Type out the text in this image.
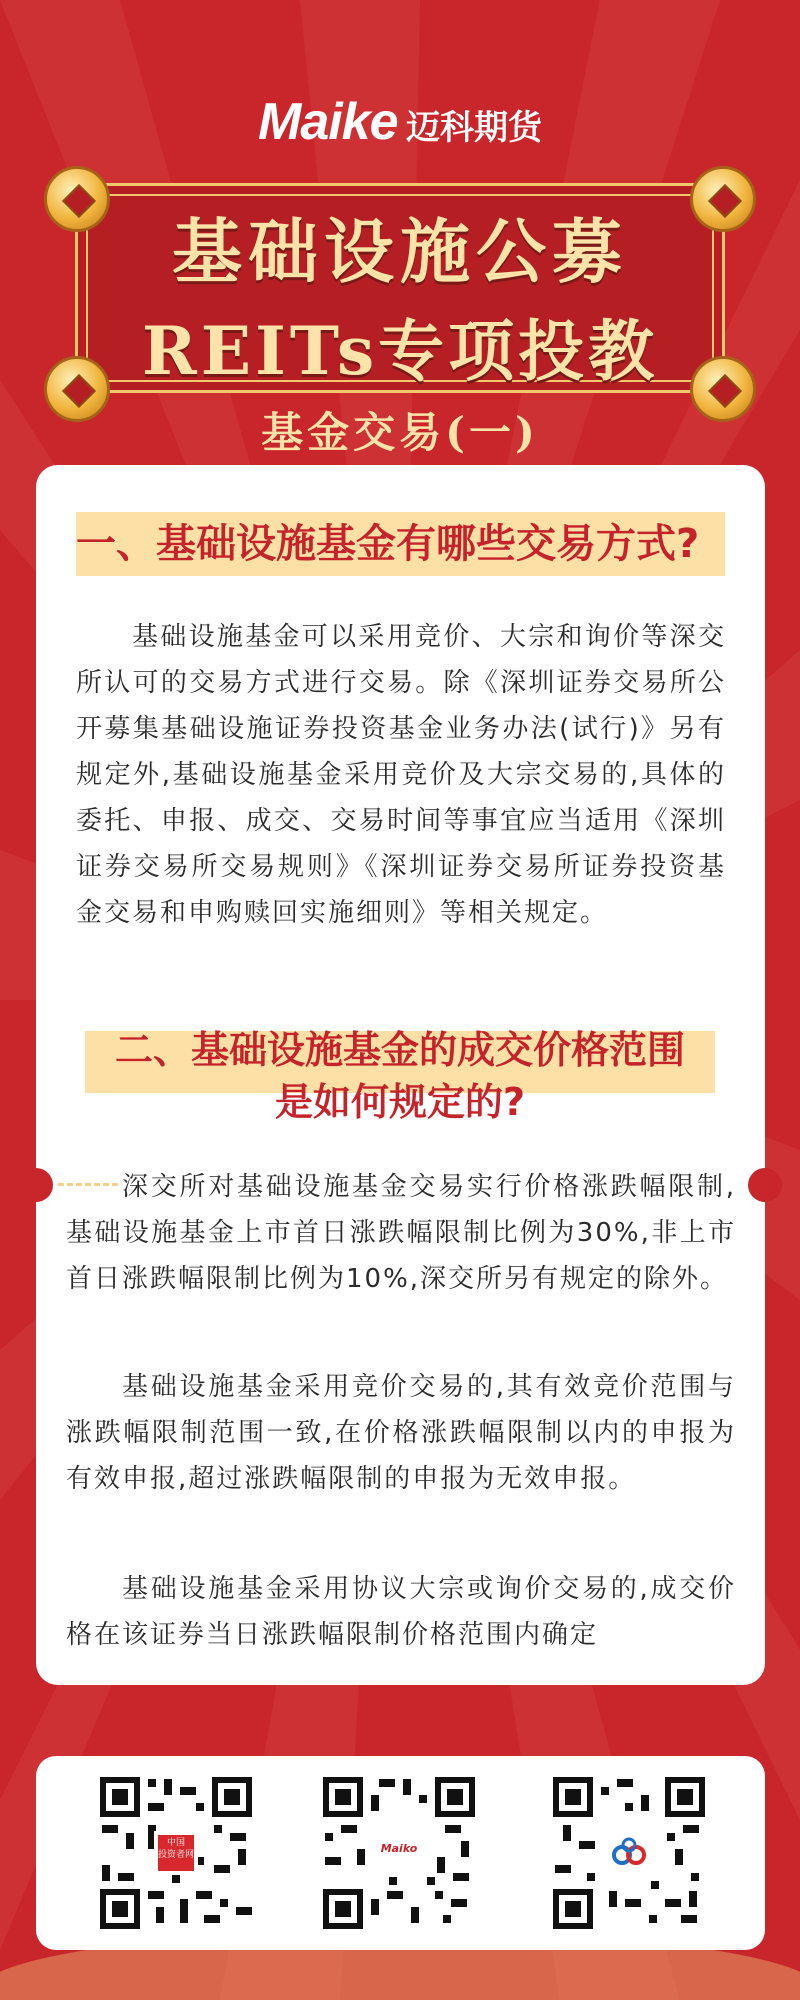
Maike 迈科期货
基础设施公募
REITs专项投教
基金交易(一)
一、基础设施基金有哪些交易方式?
基础设施基金可以采用竞价、大宗和询价等深交所认可的交易方式进行交易。除《深圳证券交易所公开募集基础设施证券投资基金业务办法(试行)》另有规定外,基础设施基金采用竞价及大宗交易的,具体的委托、申报、成交、交易时间等事宜应当适用《深圳证券交易所交易规则》《深圳证券交易所证券投资基金交易和申购赎回实施细则》等相关规定。
二、基础设施基金的成交价格范围
是如何规定的?
深交所对基础设施基金交易实行价格涨跌幅限制,基础设施基金上市首日涨跌幅限制比例为30%,非上市首日涨跌幅限制比例为10%,深交所另有规定的除外。
基础设施基金采用竞价交易的,其有效竞价范围与涨跌幅限制范围一致,在价格涨跌幅限制以内的申报为有效申报,超过涨跌幅限制的申报为无效申报。
基础设施基金采用协议大宗或询价交易的,成交价格在该证券当日涨跌幅限制价格范围内确定
中国
投资者网	Maiko
